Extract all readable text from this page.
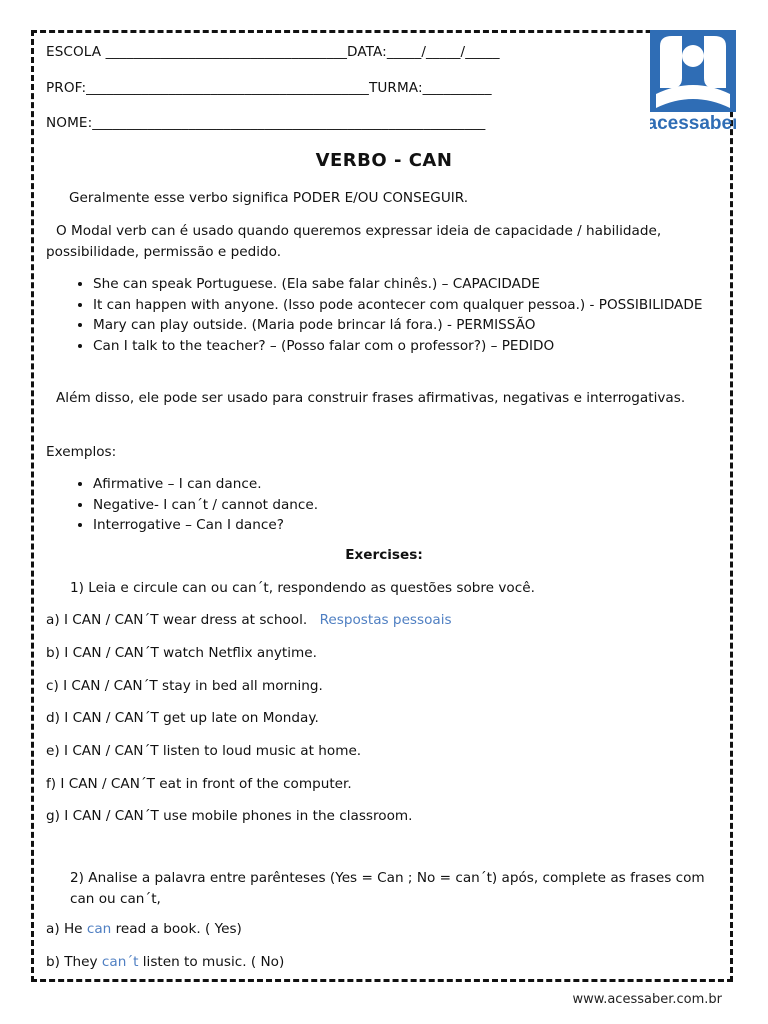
ESCOLA ___________________________________DATA:_____/_____/_____
PROF:_________________________________________TURMA:__________
NOME:_________________________________________________________	acessaber
VERBO - CAN
Geralmente esse verbo significa PODER E/OU CONSEGUIR.
O Modal verb can é usado quando queremos expressar ideia de capacidade / habilidade, possibilidade, permissão e pedido.
• She can speak Portuguese. (Ela sabe falar chinês.) – CAPACIDADE
• It can happen with anyone. (Isso pode acontecer com qualquer pessoa.) - POSSIBILIDADE
• Mary can play outside. (Maria pode brincar lá fora.) - PERMISSÃO
• Can I talk to the teacher? – (Posso falar com o professor?) – PEDIDO
Além disso, ele pode ser usado para construir frases afirmativas, negativas e interrogativas.
Exemplos:
• Afirmative – I can dance.
• Negative- I can´t / cannot dance.
• Interrogative – Can I dance?
Exercises:
1) Leia e circule can ou can´t, respondendo as questões sobre você.
a) I CAN / CAN´T wear dress at school. Respostas pessoais
b) I CAN / CAN´T watch Netflix anytime.
c) I CAN / CAN´T stay in bed all morning.
d) I CAN / CAN´T get up late on Monday.
e) I CAN / CAN´T listen to loud music at home.
f) I CAN / CAN´T eat in front of the computer.
g) I CAN / CAN´T use mobile phones in the classroom.
2) Analise a palavra entre parênteses (Yes = Can ; No = can´t) após, complete as frases com can ou can´t,
a) He can read a book. ( Yes)
b) They can´t listen to music. ( No)
www.acessaber.com.br
